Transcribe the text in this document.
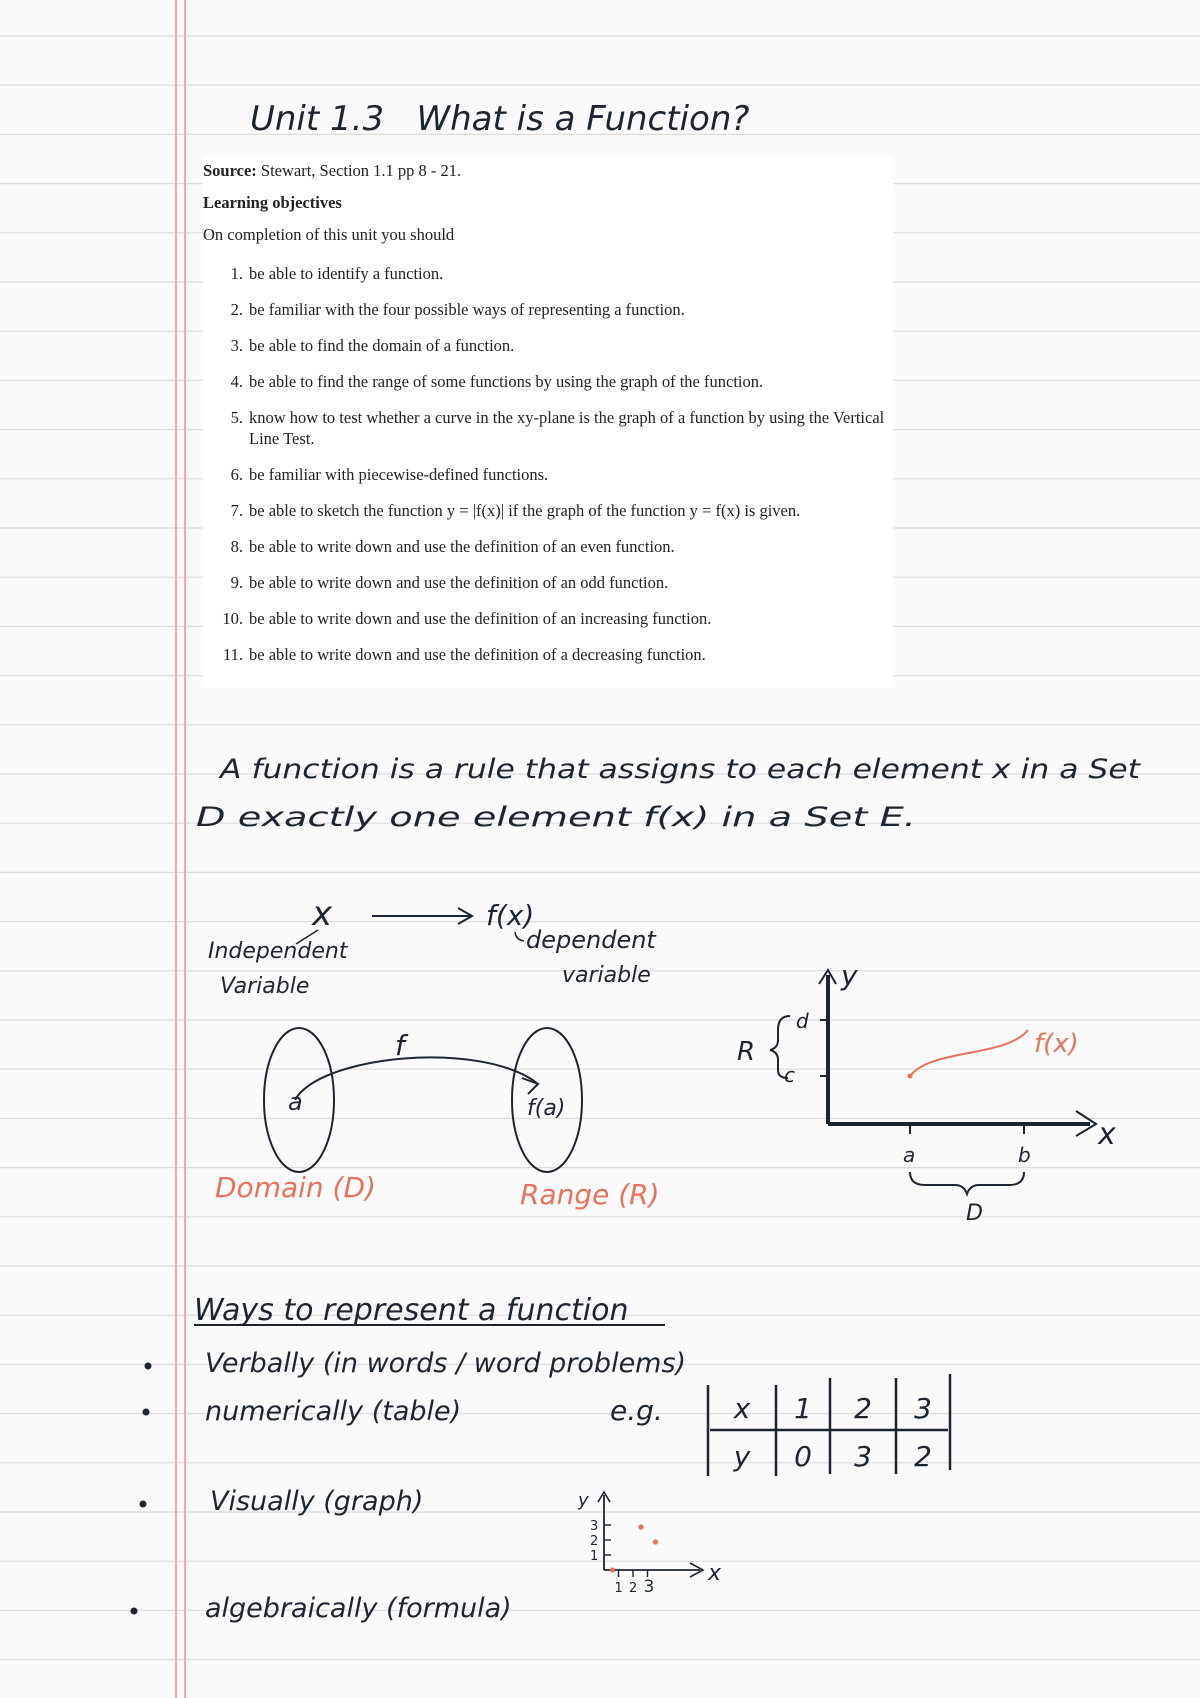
Unit 1.3   What is a Function?
A function is a rule that assigns to each element x in a Set
D exactly one element f(x) in a Set E.
x	f(x)
Independent
Variable
dependent
variable
f
a	f(a)
Domain (D)	Range (R)
y
x
d
c
R	f(x)
a	b
D
Ways to represent a function
Verbally (in words / word problems)
numerically (table)	e.g.	x 1 2 3
y 0 3 2
Visually (graph)	y
x
3
2
1
1 2 3
algebraically (formula)
Source: Stewart, Section 1.1 pp 8 - 21.
Learning objectives
On completion of this unit you should
1. be able to identify a function.
2. be familiar with the four possible ways of representing a function.
3. be able to find the domain of a function.
4. be able to find the range of some functions by using the graph of the function.
5. know how to test whether a curve in the xy-plane is the graph of a function by using the Vertical Line Test.
6. be familiar with piecewise-defined functions.
7. be able to sketch the function y = |f(x)| if the graph of the function y = f(x) is given.
8. be able to write down and use the definition of an even function.
9. be able to write down and use the definition of an odd function.
10. be able to write down and use the definition of an increasing function.
11. be able to write down and use the definition of a decreasing function.
